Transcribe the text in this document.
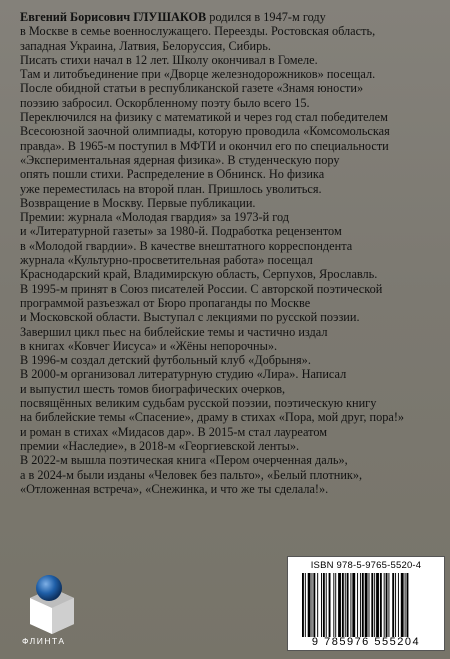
Евгений Борисович ГЛУШАКОВ родился в 1947-м году

в Москве в семье военнослужащего. Переезды. Ростовская область,

западная Украина, Латвия, Белоруссия, Сибирь.

Писать стихи начал в 12 лет. Школу окончивал в Гомеле.

Там и литобъединение при «Дворце железнодорожников» посещал.

После обидной статьи в республиканской газете «Знамя юности»

поэзию забросил. Оскорбленному поэту было всего 15.

Переключился на физику с математикой и через год стал победителем

Всесоюзной заочной олимпиады, которую проводила «Комсомольская

правда». В 1965-м поступил в МФТИ и окончил его по специальности

«Экспериментальная ядерная физика». В студенческую пору

опять пошли стихи. Распределение в Обнинск. Но физика

уже переместилась на второй план. Пришлось уволиться.

Возвращение в Москву. Первые публикации.

Премии: журнала «Молодая гвардия» за 1973-й год

и «Литературной газеты» за 1980-й. Подработка рецензентом

в «Молодой гвардии». В качестве внештатного корреспондента

журнала «Культурно-просветительная работа» посещал

Краснодарский край, Владимирскую область, Серпухов, Ярославль.

В 1995-м принят в Союз писателей России. С авторской поэтической

программой разъезжал от Бюро пропаганды по Москве

и Московской области. Выступал с лекциями по русской поэзии.

Завершил цикл пьес на библейские темы и частично издал

в книгах «Ковчег Иисуса» и «Жёны непорочны».

В 1996-м создал детский футбольный клуб «Добрыня».

В 2000-м организовал литературную студию «Лира». Написал

и выпустил шесть томов биографических очерков,

посвящённых великим судьбам русской поэзии, поэтическую книгу

на библейские темы «Спасение», драму в стихах «Пора, мой друг, пора!»

и роман в стихах «Мидасов дар». В 2015-м стал лауреатом

премии «Наследие», в 2018-м «Георгиевской ленты».

В 2022-м вышла поэтическая книга «Пером очерченная даль»,

а в 2024-м были изданы «Человек без пальто», «Белый плотник»,

«Отложенная встреча», «Снежинка, и что же ты сделала!».

ФЛИНТА
ISBN 978-5-9765-5520-4
9 785976 555204
